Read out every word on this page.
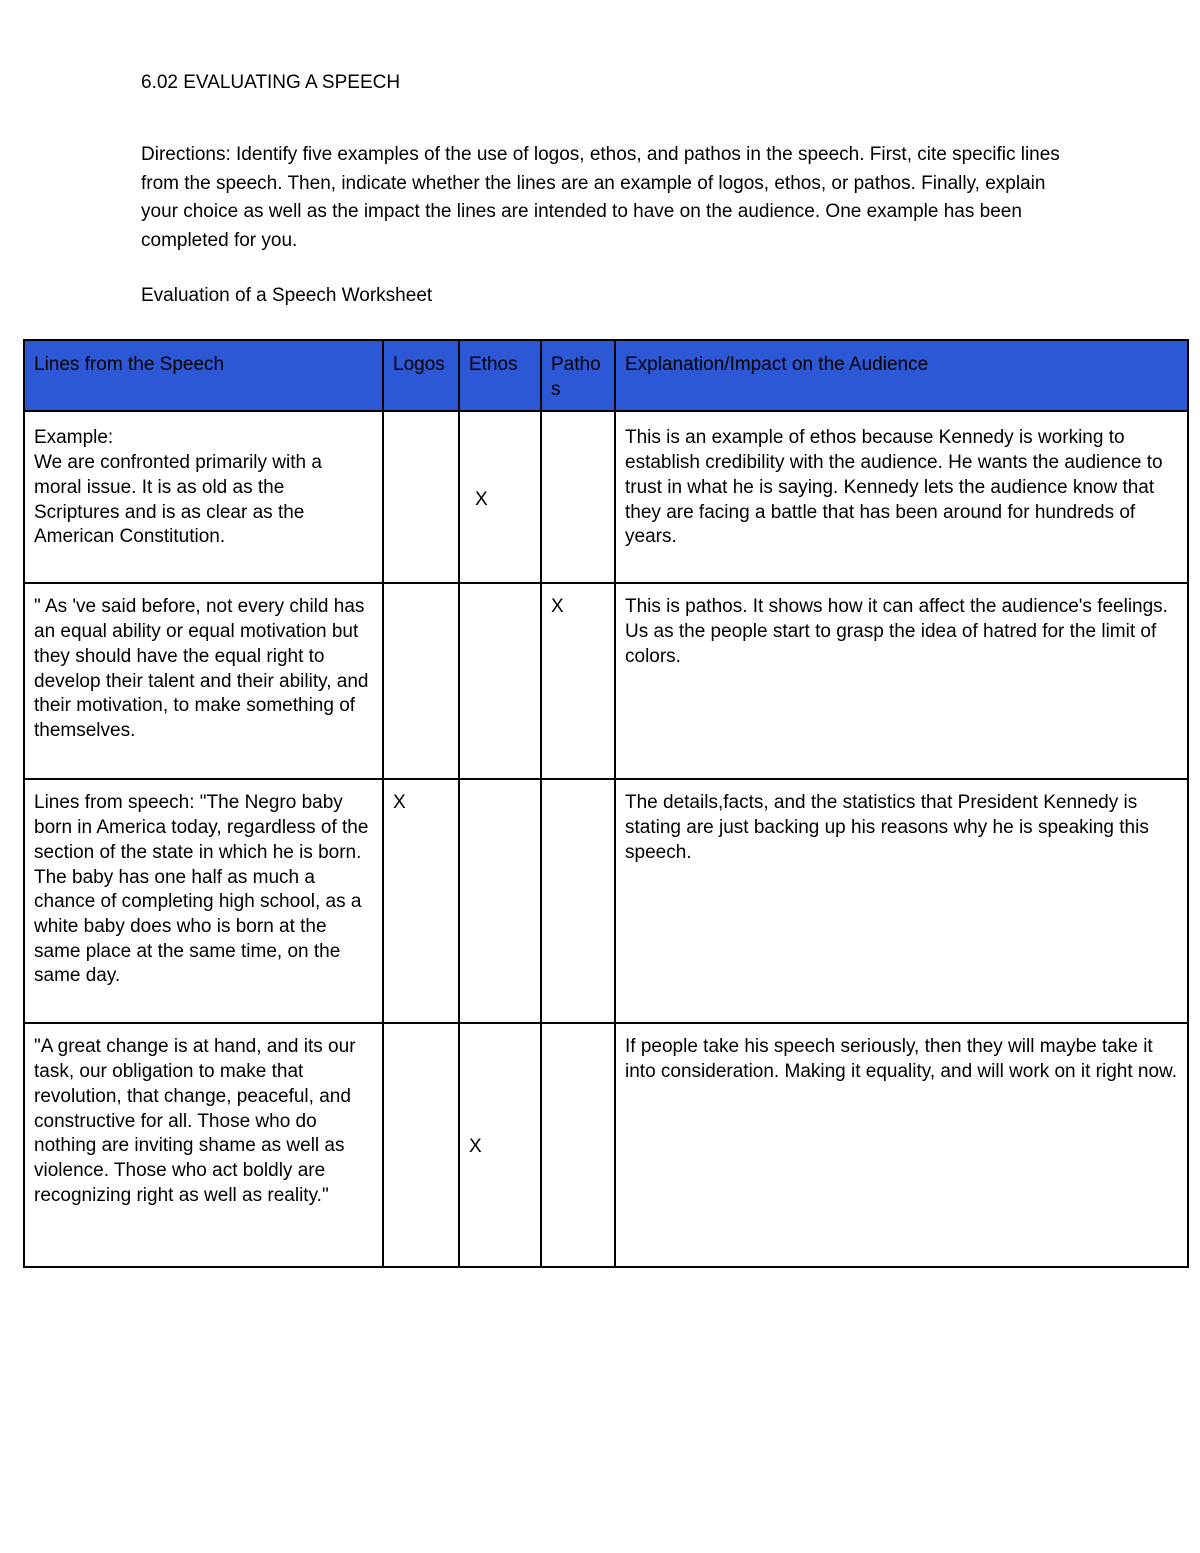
6.02 EVALUATING A SPEECH
Directions: Identify five examples of the use of logos, ethos, and pathos in the speech. First, cite specific lines from the speech. Then, indicate whether the lines are an example of logos, ethos, or pathos. Finally, explain your choice as well as the impact the lines are intended to have on the audience. One example has been completed for you.
Evaluation of a Speech Worksheet
Lines from the Speech	Logos	Ethos	Pathos	Explanation/Impact on the Audience
Example:
We are confronted primarily with a moral issue. It is as old as the Scriptures and is as clear as the American Constitution.		X		This is an example of ethos because Kennedy is working to establish credibility with the audience. He wants the audience to trust in what he is saying. Kennedy lets the audience know that they are facing a battle that has been around for hundreds of years.
" As 've said before, not every child has an equal ability or equal motivation but they should have the equal right to develop their talent and their ability, and their motivation, to make something of themselves.			X	This is pathos. It shows how it can affect the audience's feelings. Us as the people start to grasp the idea of hatred for the limit of colors.
Lines from speech: "The Negro baby born in America today, regardless of the section of the state in which he is born. The baby has one half as much a chance of completing high school, as a white baby does who is born at the same place at the same time, on the same day.	X			The details,facts, and the statistics that President Kennedy is stating are just backing up his reasons why he is speaking this speech.
"A great change is at hand, and its our task, our obligation to make that revolution, that change, peaceful, and constructive for all. Those who do nothing are inviting shame as well as violence. Those who act boldly are recognizing right as well as reality."		X		If people take his speech seriously, then they will maybe take it into consideration. Making it equality, and will work on it right now.
